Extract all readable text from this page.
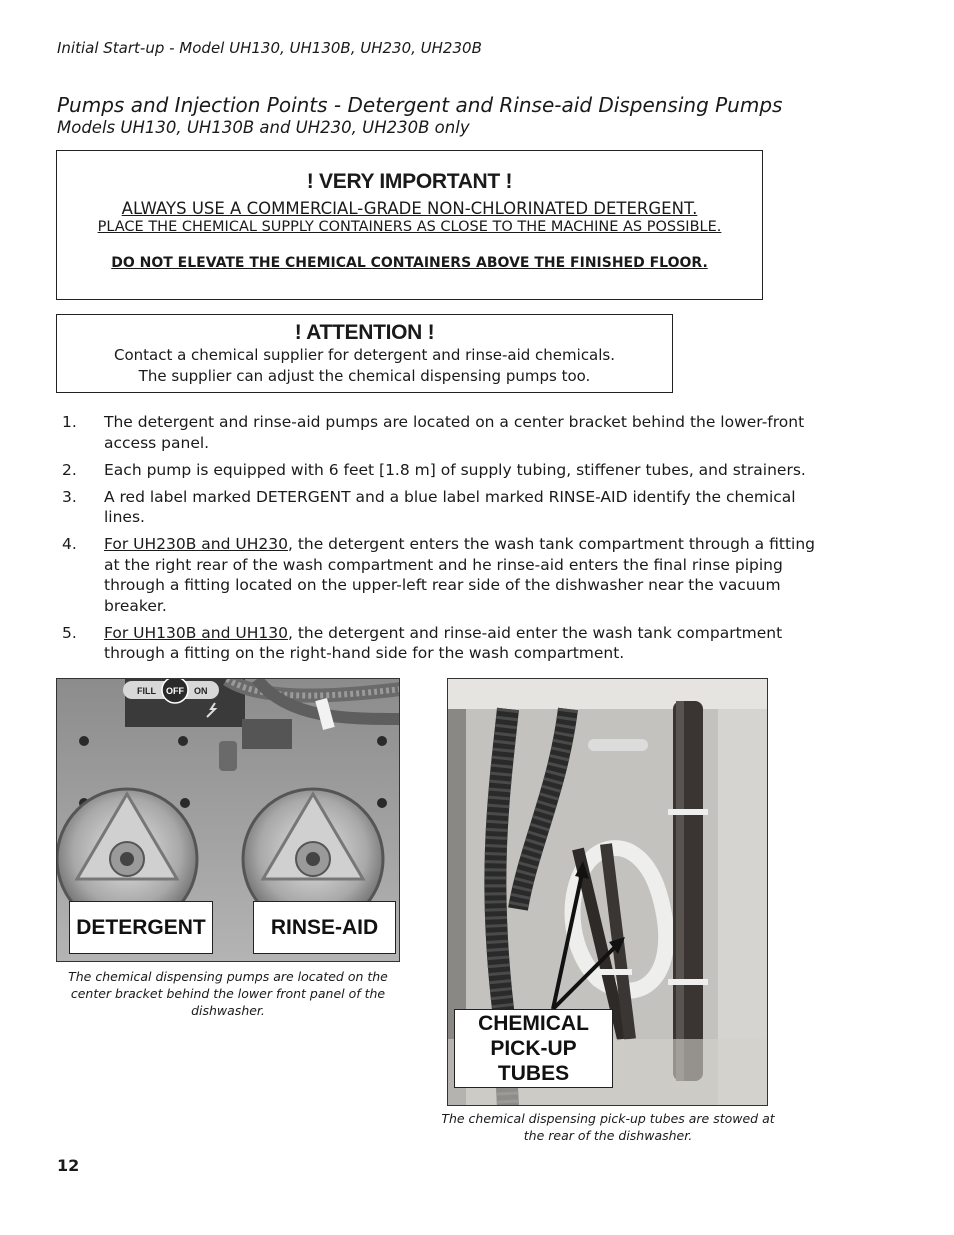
Initial Start-up - Model UH130, UH130B, UH230, UH230B
Pumps and Injection Points - Detergent and Rinse-aid Dispensing Pumps
Models UH130, UH130B and UH230, UH230B only
! VERY IMPORTANT !
ALWAYS USE A COMMERCIAL-GRADE NON-CHLORINATED DETERGENT.
PLACE THE CHEMICAL SUPPLY CONTAINERS AS CLOSE TO THE MACHINE AS POSSIBLE.
DO NOT ELEVATE THE CHEMICAL CONTAINERS ABOVE THE FINISHED FLOOR.
! ATTENTION !
Contact a chemical supplier for detergent and rinse-aid chemicals.
The supplier can adjust the chemical dispensing pumps too.
1.	The detergent and rinse-aid pumps are located on a center bracket behind the lower-front access panel.
2.	Each pump is equipped with 6 feet [1.8 m] of supply tubing, stiffener tubes, and strainers.
3.	A red label marked DETERGENT and a blue label marked RINSE-AID identify the chemical lines.
4.	For UH230B and UH230, the detergent enters the wash tank compartment through a fitting at the right rear of the wash compartment and he rinse-aid enters the final rinse piping through a fitting located on the upper-left rear side of the dishwasher near the vacuum breaker.
5.	For UH130B and UH130, the detergent and rinse-aid enter the wash tank compartment through a fitting on the right-hand side for the wash compartment.
FILL OFF ON
DETERGENT	RINSE-AID
The chemical dispensing pumps are located on the center bracket behind the lower front panel of the dishwasher.
CHEMICAL PICK-UP TUBES
The chemical dispensing pick-up tubes are stowed at the rear of the dishwasher.
12
